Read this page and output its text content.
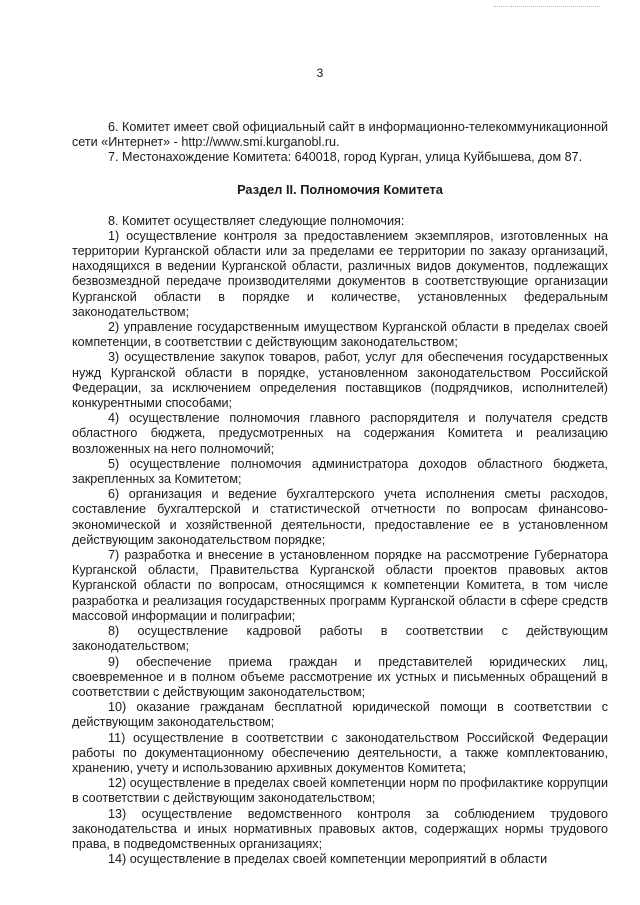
3

6. Комитет имеет свой официальный сайт в информационно-телекоммуникационной сети «Интернет» - http://www.smi.kurganobl.ru.

7. Местонахождение Комитета: 640018, город Курган, улица Куйбышева, дом 87.

Раздел II. Полномочия Комитета

8. Комитет осуществляет следующие полномочия:

1) осуществление контроля за предоставлением экземпляров, изготовленных на территории Курганской области или за пределами ее территории по заказу организаций, находящихся в ведении Курганской области, различных видов документов, подлежащих безвозмездной передаче производителями документов в соответствующие организации Курганской области в порядке и количестве, установленных федеральным законодательством;

2) управление государственным имуществом Курганской области в пределах своей компетенции, в соответствии с действующим законодательством;

3) осуществление закупок товаров, работ, услуг для обеспечения государственных нужд Курганской области в порядке, установленном законодательством Российской Федерации, за исключением определения поставщиков (подрядчиков, исполнителей) конкурентными способами;

4) осуществление полномочия главного распорядителя и получателя средств областного бюджета, предусмотренных на содержания Комитета и реализацию возложенных на него полномочий;

5) осуществление полномочия администратора доходов областного бюджета, закрепленных за Комитетом;

6) организация и ведение бухгалтерского учета исполнения сметы расходов, составление бухгалтерской и статистической отчетности по вопросам финансово-экономической и хозяйственной деятельности, предоставление ее в установленном действующим законодательством порядке;

7) разработка и внесение в установленном порядке на рассмотрение Губернатора Курганской области, Правительства Курганской области проектов правовых актов Курганской области по вопросам, относящимся к компетенции Комитета, в том числе разработка и реализация государственных программ Курганской области в сфере средств массовой информации и полиграфии;

8) осуществление кадровой работы в соответствии с действующим законодательством;

9) обеспечение приема граждан и представителей юридических лиц, своевременное и в полном объеме рассмотрение их устных и письменных обращений в соответствии с действующим законодательством;

10) оказание гражданам бесплатной юридической помощи в соответствии с действующим законодательством;

11) осуществление в соответствии с законодательством Российской Федерации работы по документационному обеспечению деятельности, а также комплектованию, хранению, учету и использованию архивных документов Комитета;

12) осуществление в пределах своей компетенции норм по профилактике коррупции в соответствии с действующим законодательством;

13) осуществление ведомственного контроля за соблюдением трудового законодательства и иных нормативных правовых актов, содержащих нормы трудового права, в подведомственных организациях;

14) осуществление в пределах своей компетенции мероприятий в области
